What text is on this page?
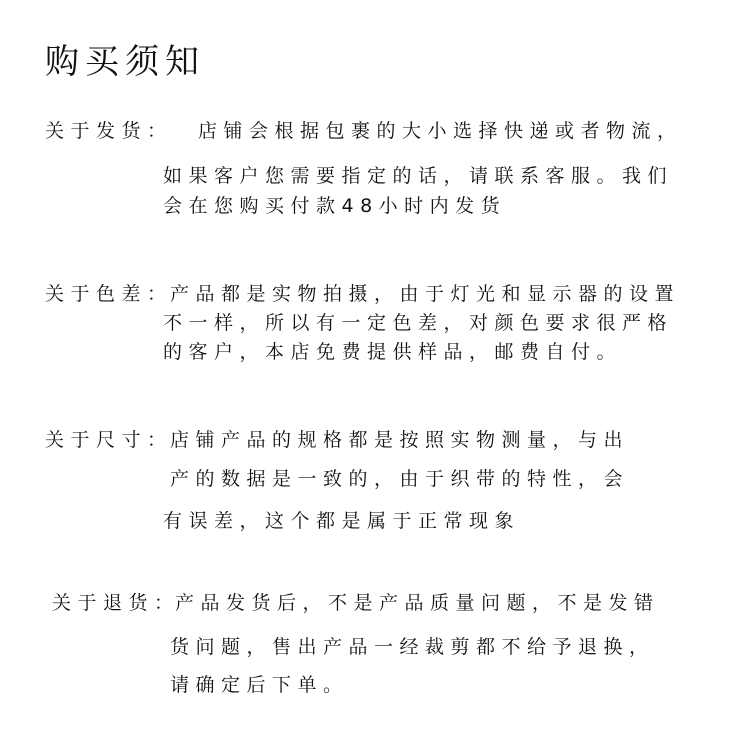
购买须知
关于发货： 店铺会根据包裹的大小选择快递或者物流，
如果客户您需要指定的话，请联系客服。我们
会在您购买付款48小时内发货
关于色差：
产品都是实物拍摄，由于灯光和显示器的设置
不一样，所以有一定色差，对颜色要求很严格
的客户，本店免费提供样品，邮费自付。
关于尺寸：
店铺产品的规格都是按照实物测量，与出
产的数据是一致的，由于织带的特性，会
有误差，这个都是属于正常现象
关于退货：
产品发货后，不是产品质量问题，不是发错
货问题，售出产品一经裁剪都不给予退换，
请确定后下单。
